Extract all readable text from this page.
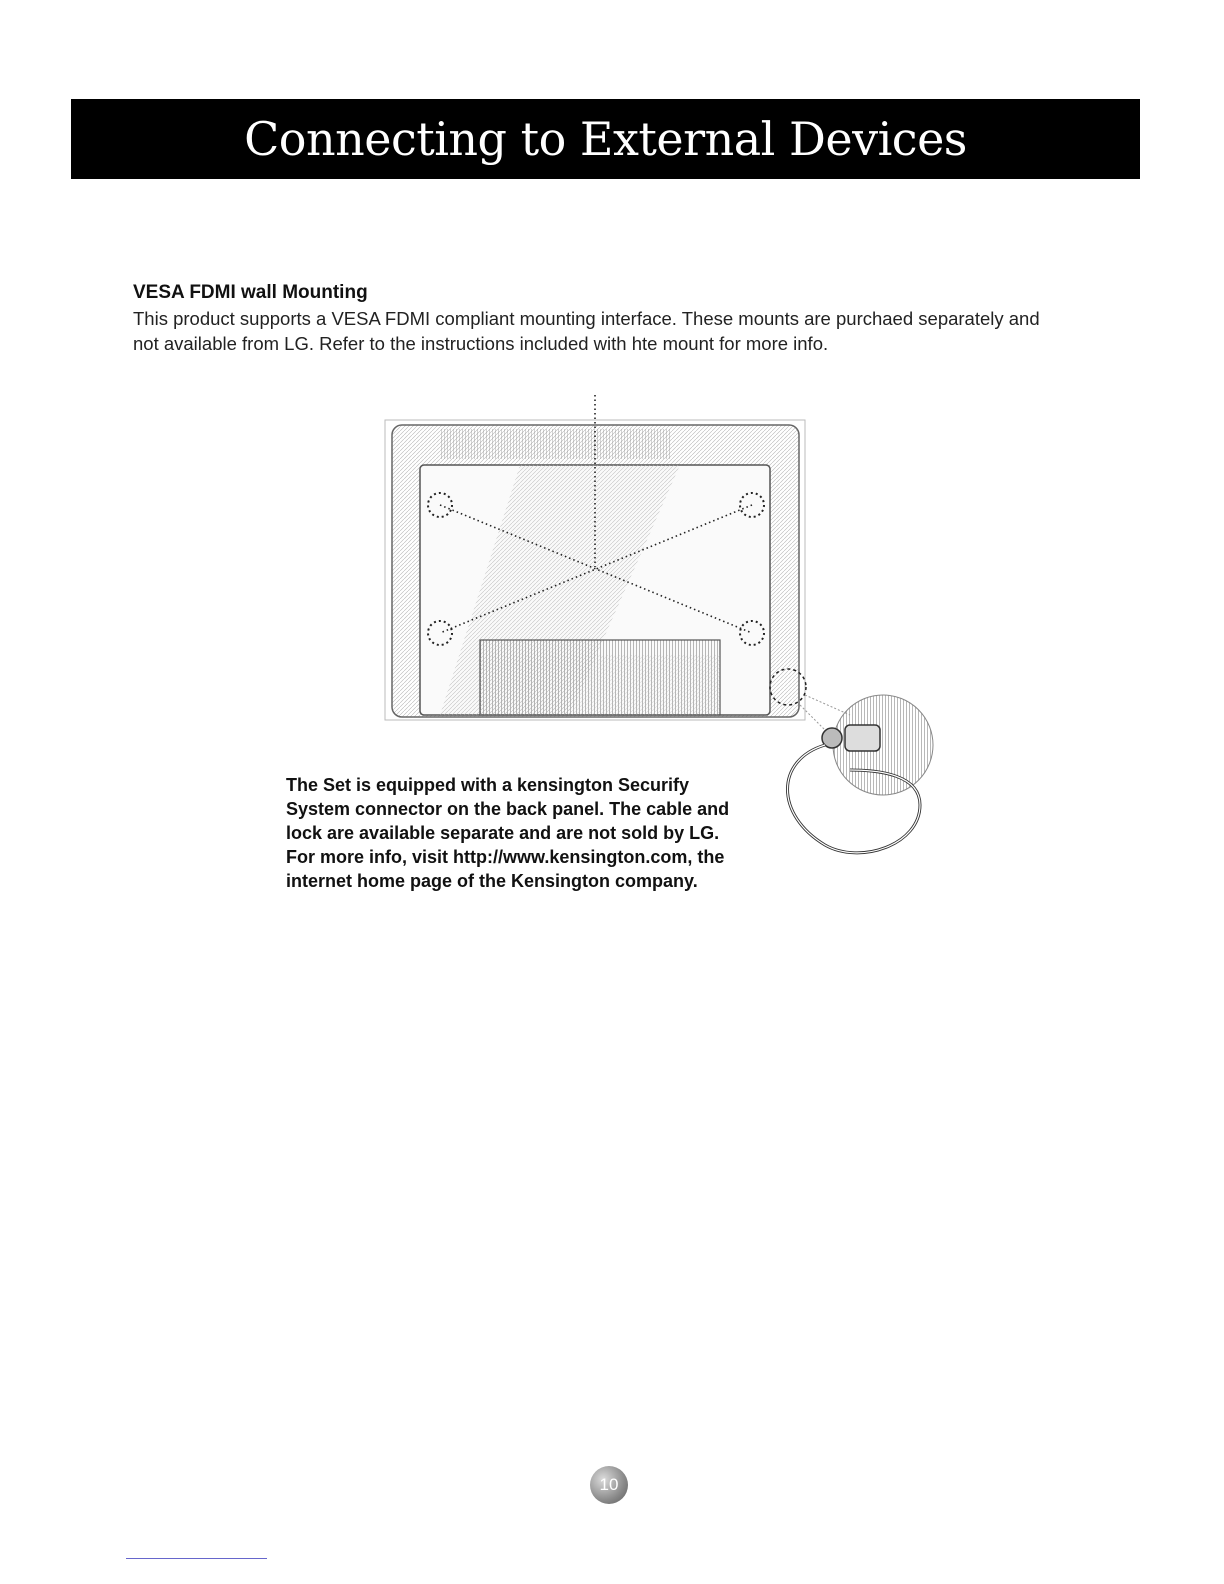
Connecting to External Devices
VESA FDMI wall Mounting
This product supports a VESA FDMI compliant mounting interface. These mounts are purchaed separately and not available from LG. Refer to the instructions included with hte mount for more info.
The Set is equipped with a kensington Securify
System connector on the back panel. The cable and
lock are available separate and are not sold by LG.
For more info, visit http://www.kensington.com, the
internet home page of the Kensington company.
10
